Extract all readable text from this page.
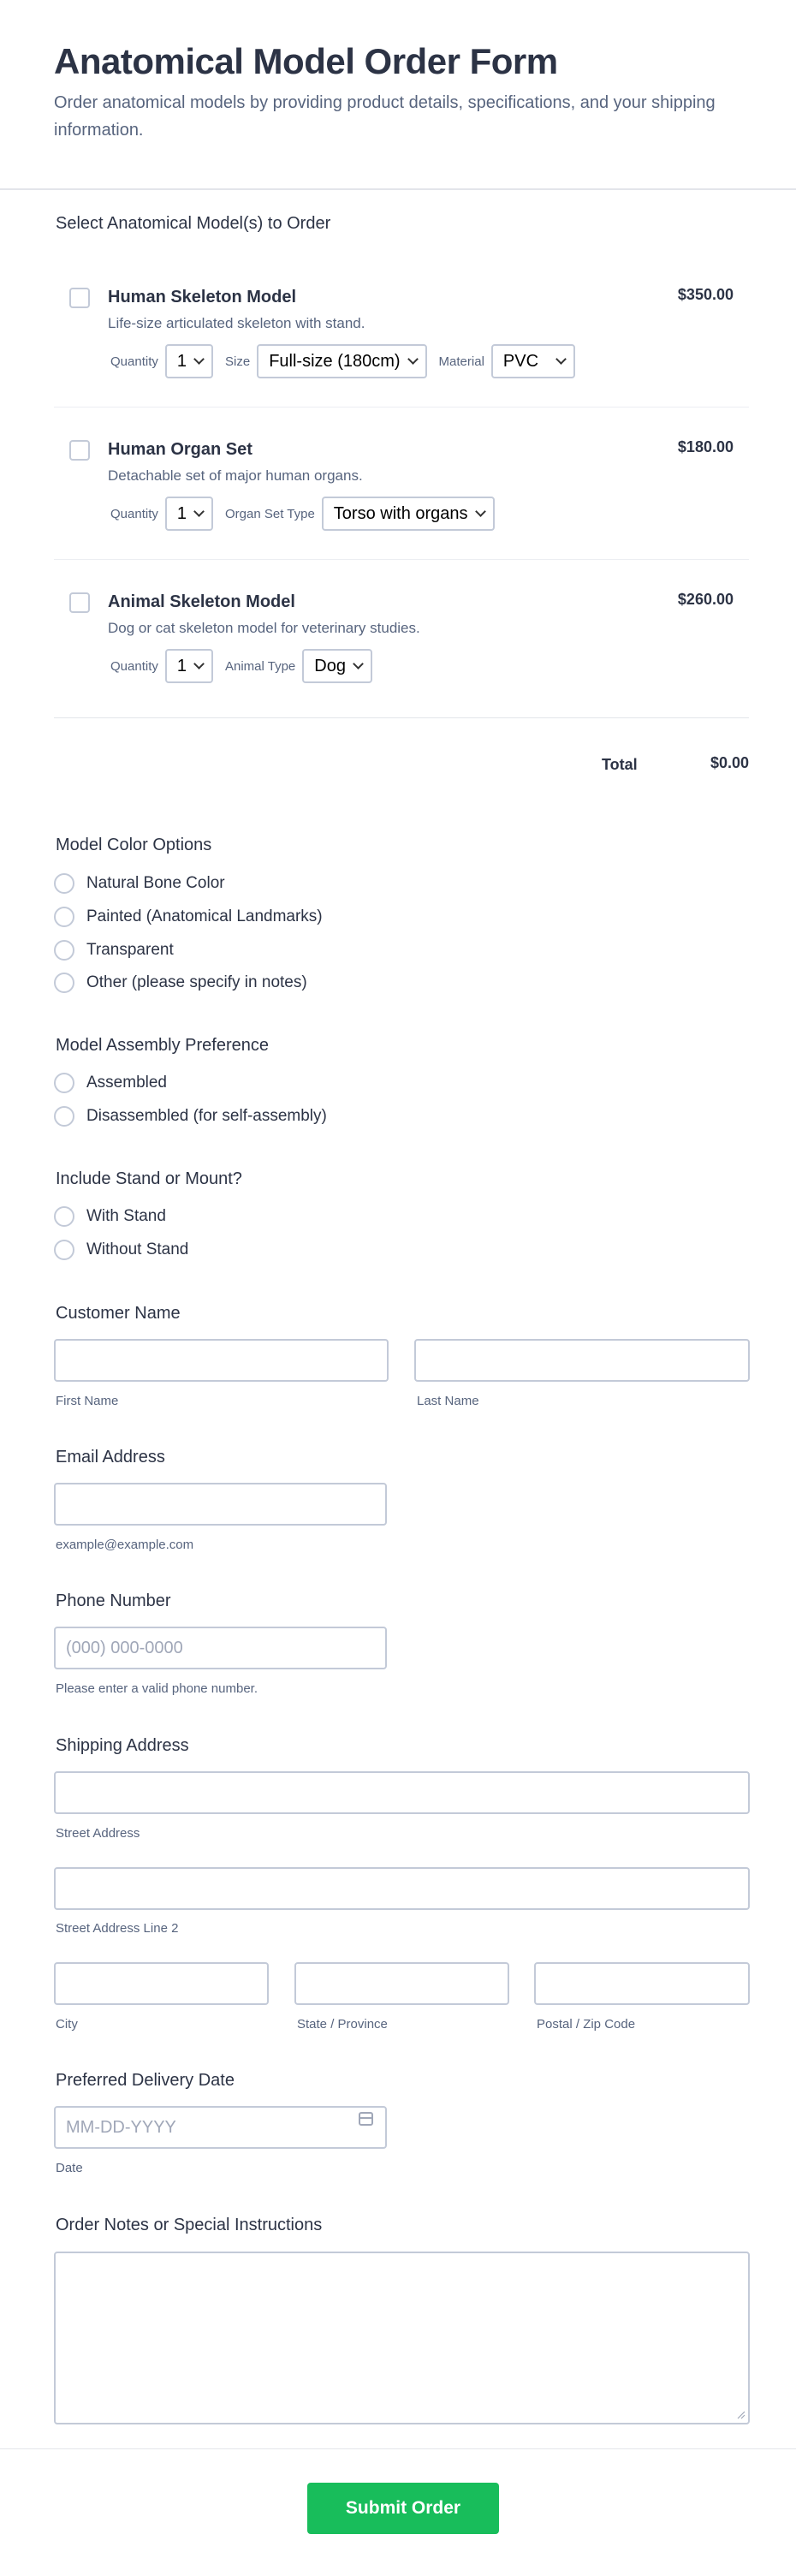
Anatomical Model Order Form
Order anatomical models by providing product details, specifications, and your shipping information.
Select Anatomical Model(s) to Order
Human Skeleton Model	$350.00
Life-size articulated skeleton with stand.
Quantity 1	Size Full-size (180cm)	Material PVC
Human Organ Set	$180.00
Detachable set of major human organs.
Quantity 1	Organ Set Type Torso with organs
Animal Skeleton Model	$260.00
Dog or cat skeleton model for veterinary studies.
Quantity 1	Animal Type Dog
Total	$0.00
Model Color Options
Natural Bone Color
Painted (Anatomical Landmarks)
Transparent
Other (please specify in notes)
Model Assembly Preference
Assembled
Disassembled (for self-assembly)
Include Stand or Mount?
With Stand
Without Stand
Customer Name
First Name	Last Name
Email Address
example@example.com
Phone Number
(000) 000-0000
Please enter a valid phone number.
Shipping Address
Street Address
Street Address Line 2
City	State / Province	Postal / Zip Code
Preferred Delivery Date
MM-DD-YYYY
Date
Order Notes or Special Instructions
Submit Order
